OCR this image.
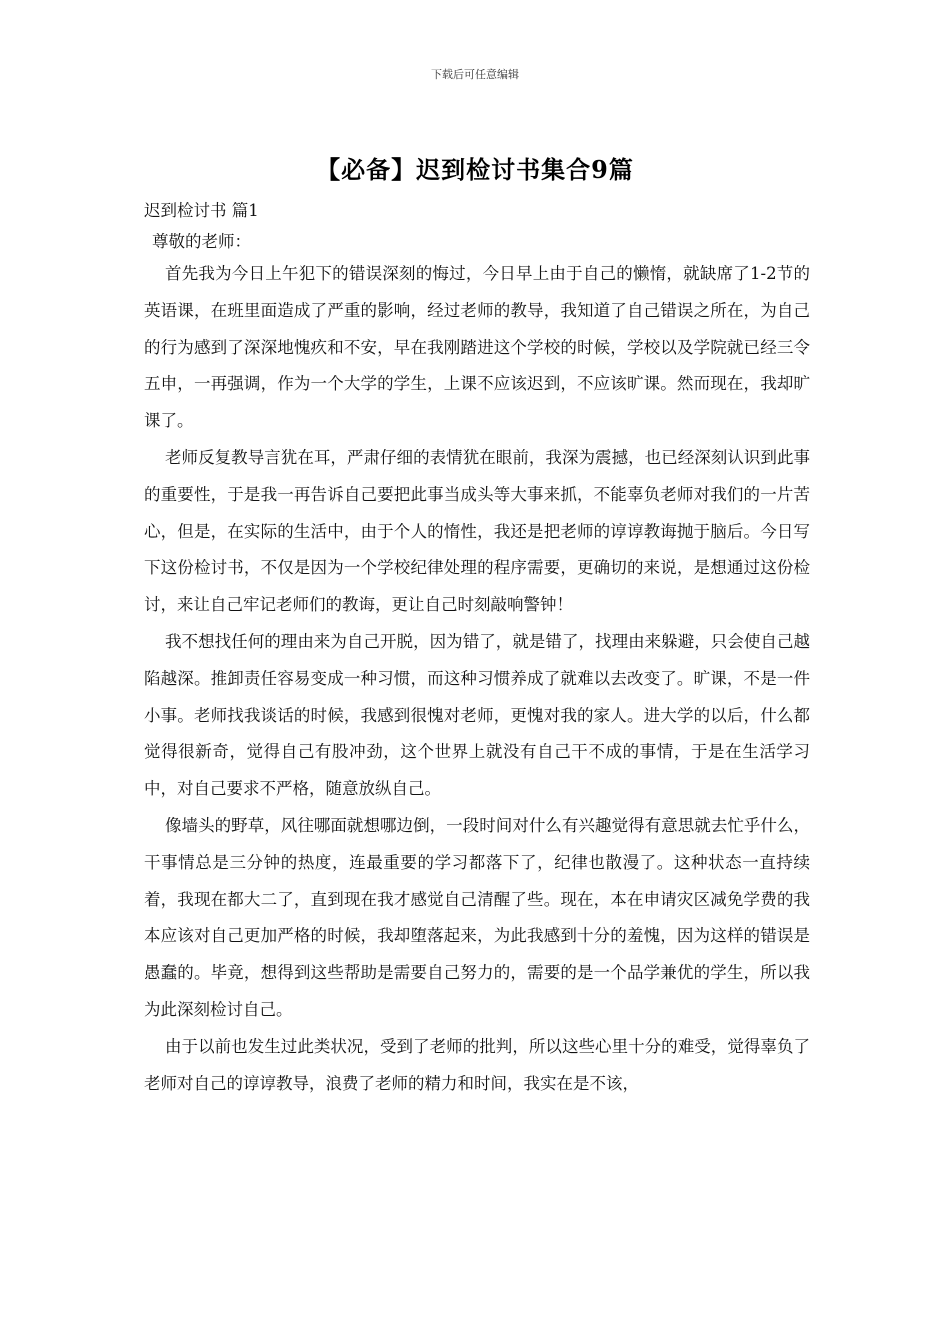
下载后可任意编辑
【必备】迟到检讨书集合9篇

迟到检讨书 篇1

尊敬的老师：

首先我为今日上午犯下的错误深刻的悔过，今日早上由于自己的懒惰，就缺席了1-2节的英语课，在班里面造成了严重的影响，经过老师的教导，我知道了自己错误之所在，为自己的行为感到了深深地愧疚和不安，早在我刚踏进这个学校的时候，学校以及学院就已经三令五申，一再强调，作为一个大学的学生，上课不应该迟到，不应该旷课。然而现在，我却旷课了。

老师反复教导言犹在耳，严肃仔细的表情犹在眼前，我深为震撼，也已经深刻认识到此事的重要性，于是我一再告诉自己要把此事当成头等大事来抓，不能辜负老师对我们的一片苦心，但是，在实际的生活中，由于个人的惰性，我还是把老师的谆谆教诲抛于脑后。今日写下这份检讨书，不仅是因为一个学校纪律处理的程序需要，更确切的来说，是想通过这份检讨，来让自己牢记老师们的教诲，更让自己时刻敲响警钟！

我不想找任何的理由来为自己开脱，因为错了，就是错了，找理由来躲避，只会使自己越陷越深。推卸责任容易变成一种习惯，而这种习惯养成了就难以去改变了。旷课，不是一件小事。老师找我谈话的时候，我感到很愧对老师，更愧对我的家人。进大学的以后，什么都觉得很新奇，觉得自己有股冲劲，这个世界上就没有自己干不成的事情，于是在生活学习中，对自己要求不严格，随意放纵自己。

像墙头的野草，风往哪面就想哪边倒，一段时间对什么有兴趣觉得有意思就去忙乎什么，干事情总是三分钟的热度，连最重要的学习都落下了，纪律也散漫了。这种状态一直持续着，我现在都大二了，直到现在我才感觉自己清醒了些。现在，本在申请灾区减免学费的我本应该对自己更加严格的时候，我却堕落起来，为此我感到十分的羞愧，因为这样的错误是愚蠢的。毕竟，想得到这些帮助是需要自己努力的，需要的是一个品学兼优的学生，所以我为此深刻检讨自己。

由于以前也发生过此类状况，受到了老师的批判，所以这些心里十分的难受，觉得辜负了老师对自己的谆谆教导，浪费了老师的精力和时间，我实在是不该，
